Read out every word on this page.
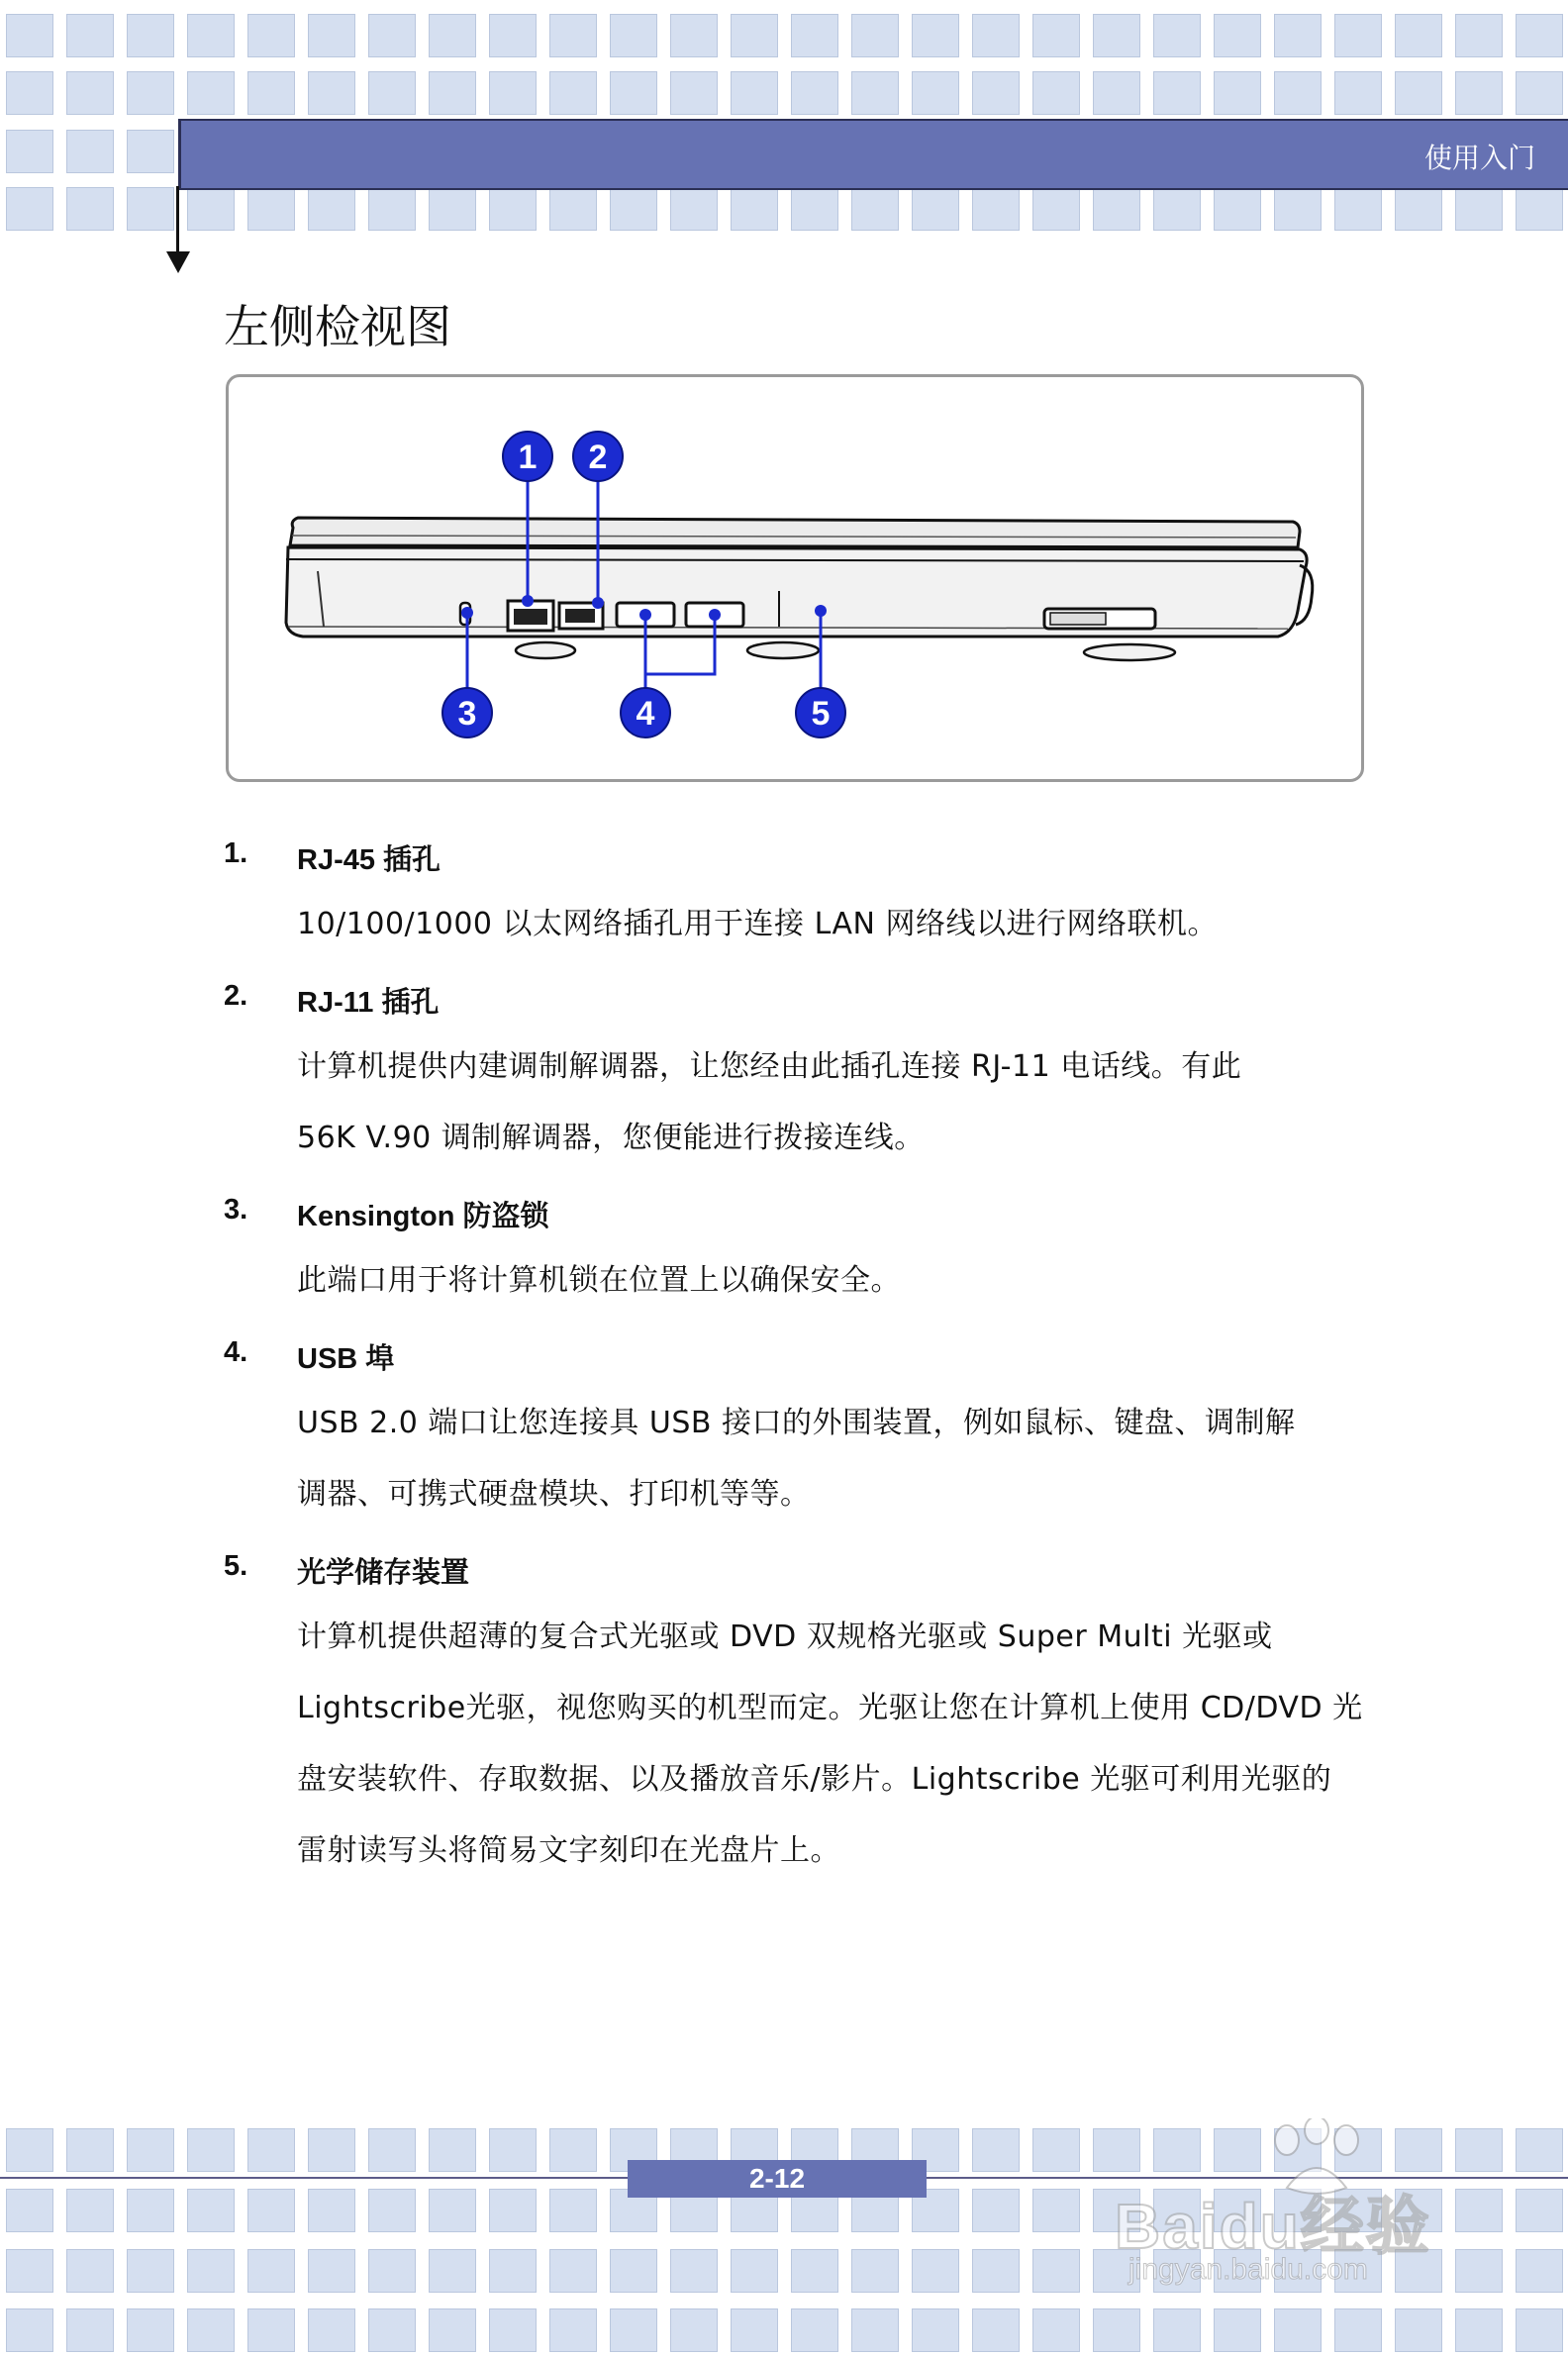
使用入门
左侧检视图
1 2
3	4	5
1. RJ-45 插孔
10/100/1000 以太网络插孔用于连接 LAN 网络线以进行网络联机。
2. RJ-11 插孔
计算机提供内建调制解调器，让您经由此插孔连接 RJ-11 电话线。有此
56K V.90 调制解调器，您便能进行拨接连线。
3. Kensington 防盗锁
此端口用于将计算机锁在位置上以确保安全。
4. USB 埠
USB 2.0 端口让您连接具 USB 接口的外围装置，例如鼠标、键盘、调制解
调器、可携式硬盘模块、打印机等等。
5. 光学储存装置
计算机提供超薄的复合式光驱或 DVD 双规格光驱或 Super Multi 光驱或
Lightscribe光驱，视您购买的机型而定。光驱让您在计算机上使用 CD/DVD 光
盘安装软件、存取数据、以及播放音乐/影片。Lightscribe 光驱可利用光驱的
雷射读写头将简易文字刻印在光盘片上。
2-12
Baidu经验
jingyan.baidu.com
